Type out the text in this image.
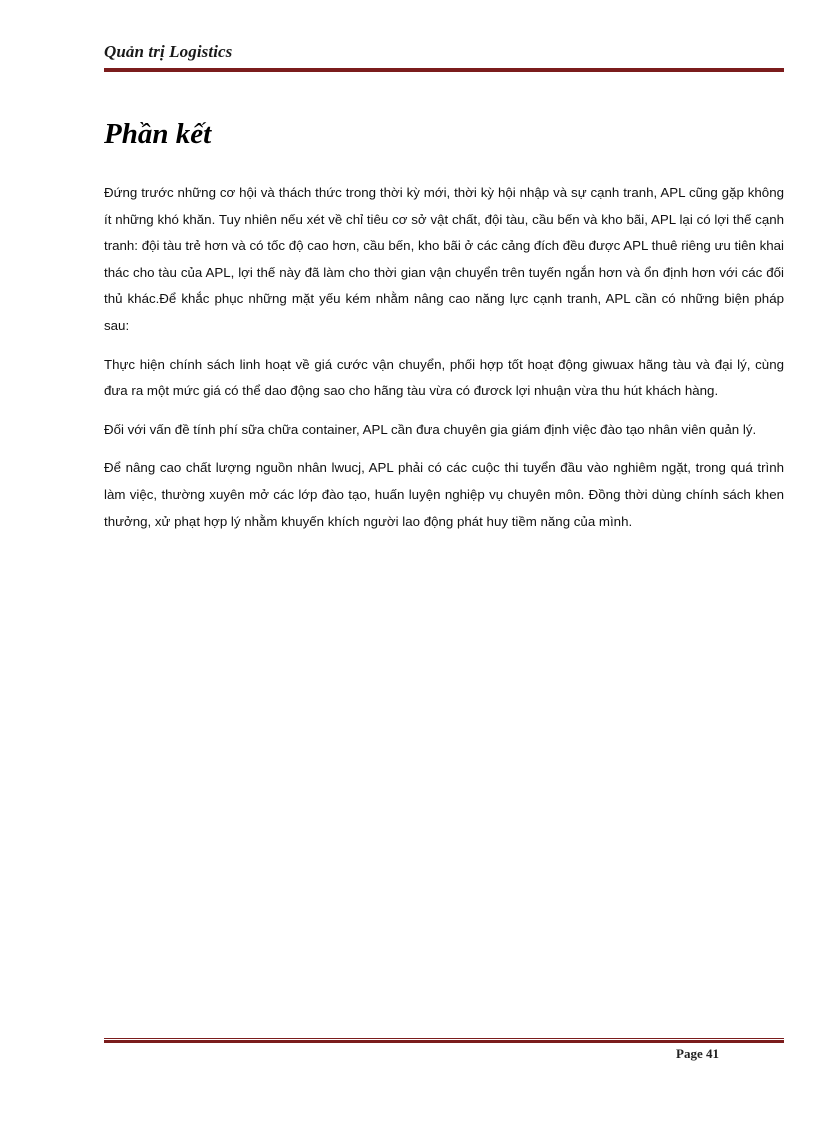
Quản trị Logistics
Phần kết

Đứng trước những cơ hội và thách thức trong thời kỳ mới, thời kỳ hội nhập và sự cạnh tranh, APL cũng gặp không ít những khó khăn. Tuy nhiên nếu xét về chỉ tiêu cơ sở vật chất, đội tàu, cầu bến và kho bãi, APL lại có lợi thế cạnh tranh: đội tàu trẻ hơn và có tốc độ cao hơn, cầu bến, kho bãi ở các cảng đích đều được APL thuê riêng ưu tiên khai thác cho tàu của APL, lợi thế này đã làm cho thời gian vận chuyển trên tuyến ngắn hơn và ổn định hơn với các đối thủ khác.Để khắc phục những mặt yếu kém nhằm nâng cao năng lực cạnh tranh, APL cần có những biện pháp sau:

Thực hiện chính sách linh hoạt về giá cước vận chuyển, phối hợp tốt hoạt động giwuax hãng tàu và đại lý, cùng đưa ra một mức giá có thể dao động sao cho hãng tàu vừa có đươck lợi nhuận vừa thu hút khách hàng.

Đối với vấn đề tính phí sữa chữa container, APL cần đưa chuyên gia giám định việc đào tạo nhân viên quản lý.

Để nâng cao chất lượng nguồn nhân lwucj, APL phải có các cuộc thi tuyển đầu vào nghiêm ngặt, trong quá trình làm việc, thường xuyên mở các lớp đào tạo, huấn luyện nghiệp vụ chuyên môn. Đồng thời dùng chính sách khen thưởng, xử phạt hợp lý nhằm khuyến khích người lao động phát huy tiềm năng của mình.

Page 41
